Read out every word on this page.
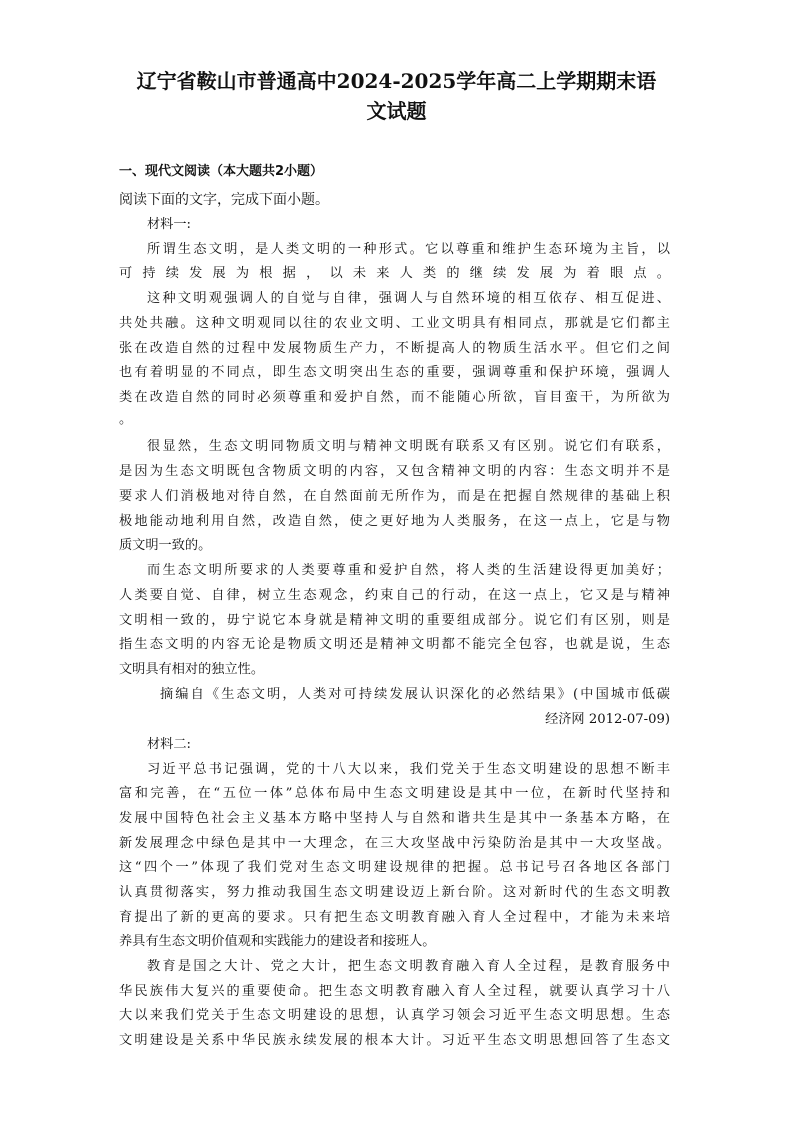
辽宁省鞍山市普通高中2024-2025学年高二上学期期末语
文试题
一、现代文阅读（本大题共2小题）
阅读下面的文字，完成下面小题。
材料一:
所谓生态文明，是人类文明的一种形式。它以尊重和维护生态环境为主旨，以
可持续发展为根据，以未来人类的继续发展为着眼点。
这种文明观强调人的自觉与自律，强调人与自然环境的相互依存、相互促进、
共处共融。这种文明观同以往的农业文明、工业文明具有相同点，那就是它们都主
张在改造自然的过程中发展物质生产力，不断提高人的物质生活水平。但它们之间
也有着明显的不同点，即生态文明突出生态的重要，强调尊重和保护环境，强调人
类在改造自然的同时必须尊重和爱护自然，而不能随心所欲，盲目蛮干，为所欲为
。
很显然，生态文明同物质文明与精神文明既有联系又有区别。说它们有联系，
是因为生态文明既包含物质文明的内容，又包含精神文明的内容：生态文明并不是
要求人们消极地对待自然，在自然面前无所作为，而是在把握自然规律的基础上积
极地能动地利用自然，改造自然，使之更好地为人类服务，在这一点上，它是与物
质文明一致的。
而生态文明所要求的人类要尊重和爱护自然，将人类的生活建设得更加美好；
人类要自觉、自律，树立生态观念，约束自己的行动，在这一点上，它又是与精神
文明相一致的，毋宁说它本身就是精神文明的重要组成部分。说它们有区别，则是
指生态文明的内容无论是物质文明还是精神文明都不能完全包容，也就是说，生态
文明具有相对的独立性。
摘编自《生态文明，人类对可持续发展认识深化的必然结果》(中国城市低碳
经济网 2012-07-09)
材料二:
习近平总书记强调，党的十八大以来，我们党关于生态文明建设的思想不断丰
富和完善，在“五位一体”总体布局中生态文明建设是其中一位，在新时代坚持和
发展中国特色社会主义基本方略中坚持人与自然和谐共生是其中一条基本方略，在
新发展理念中绿色是其中一大理念，在三大攻坚战中污染防治是其中一大攻坚战。
这“四个一”体现了我们党对生态文明建设规律的把握。总书记号召各地区各部门
认真贯彻落实，努力推动我国生态文明建设迈上新台阶。这对新时代的生态文明教
育提出了新的更高的要求。只有把生态文明教育融入育人全过程中，才能为未来培
养具有生态文明价值观和实践能力的建设者和接班人。
教育是国之大计、党之大计，把生态文明教育融入育人全过程，是教育服务中
华民族伟大复兴的重要使命。把生态文明教育融入育人全过程，就要认真学习十八
大以来我们党关于生态文明建设的思想，认真学习领会习近平生态文明思想。生态
文明建设是关系中华民族永续发展的根本大计。习近平生态文明思想回答了生态文
